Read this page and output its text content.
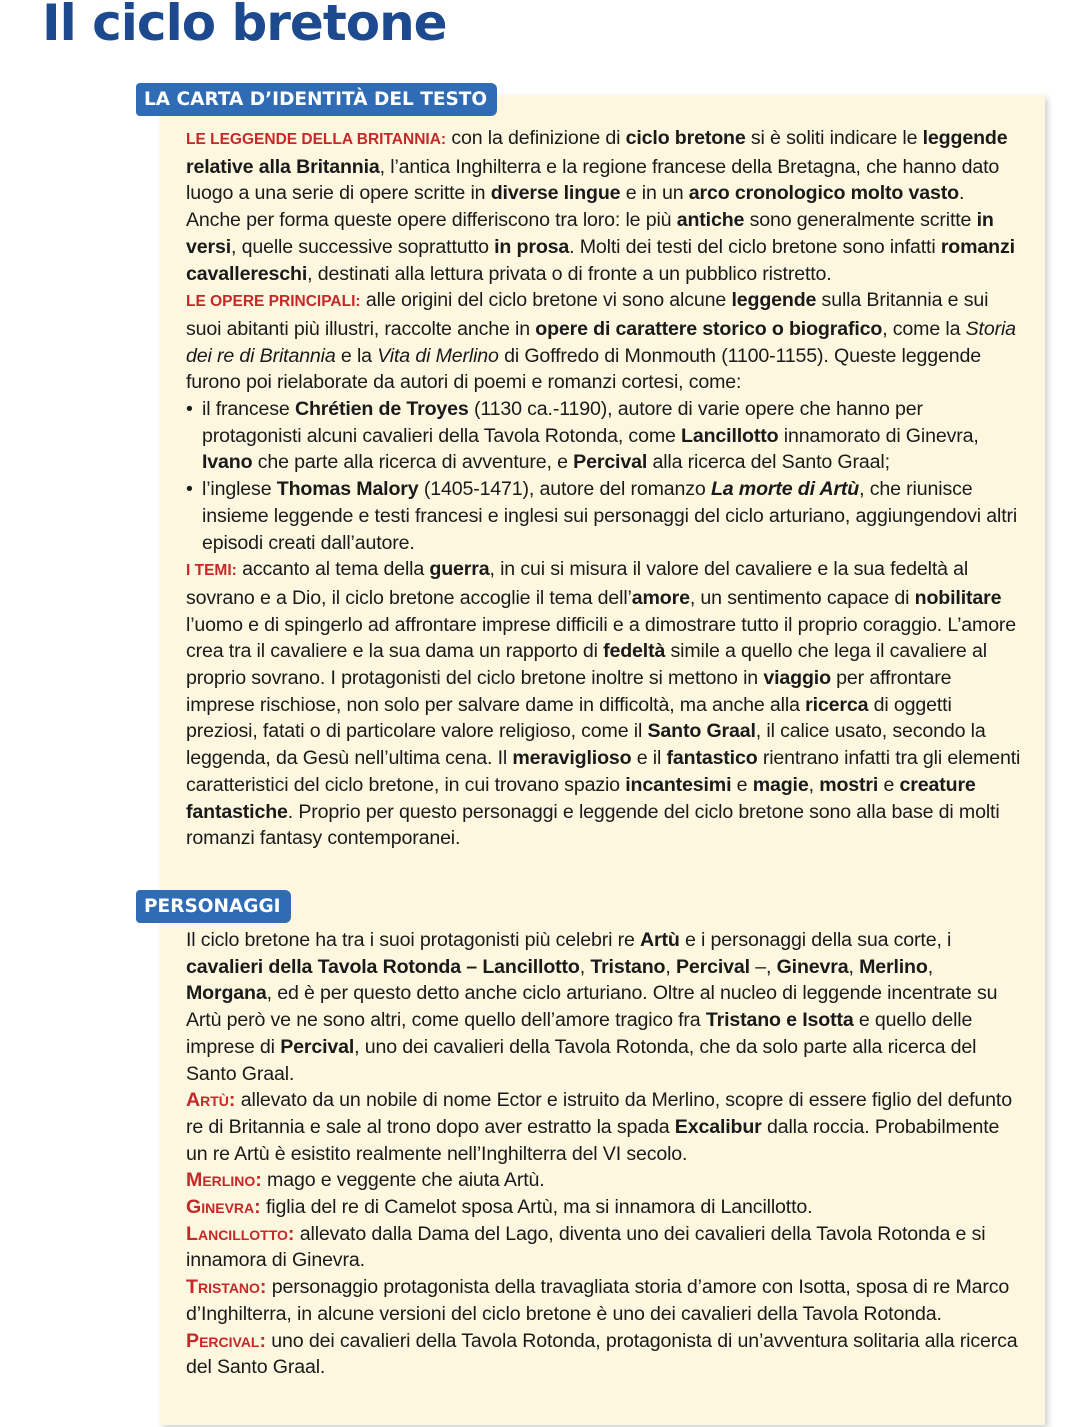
Il ciclo bretone
LA CARTA D’IDENTITÀ DEL TESTO

LE LEGGENDE DELLA BRITANNIA: con la definizione di ciclo bretone si è soliti indicare le leggende relative alla Britannia, l’antica Inghilterra e la regione francese della Bretagna, che hanno dato luogo a una serie di opere scritte in diverse lingue e in un arco cronologico molto vasto. Anche per forma queste opere differiscono tra loro: le più antiche sono generalmente scritte in versi, quelle successive soprattutto in prosa. Molti dei testi del ciclo bretone sono infatti romanzi cavallereschi, destinati alla lettura privata o di fronte a un pubblico ristretto.

LE OPERE PRINCIPALI: alle origini del ciclo bretone vi sono alcune leggende sulla Britannia e sui suoi abitanti più illustri, raccolte anche in opere di carattere storico o biografico, come la Storia dei re di Britannia e la Vita di Merlino di Goffredo di Monmouth (1100-1155). Queste leggende furono poi rielaborate da autori di poemi e romanzi cortesi, come:

• il francese Chrétien de Troyes (1130 ca.-1190), autore di varie opere che hanno per protagonisti alcuni cavalieri della Tavola Rotonda, come Lancillotto innamorato di Ginevra, Ivano che parte alla ricerca di avventure, e Percival alla ricerca del Santo Graal;
• l’inglese Thomas Malory (1405-1471), autore del romanzo La morte di Artù, che riunisce insieme leggende e testi francesi e inglesi sui personaggi del ciclo arturiano, aggiungendovi altri episodi creati dall’autore.

I TEMI: accanto al tema della guerra, in cui si misura il valore del cavaliere e la sua fedeltà al sovrano e a Dio, il ciclo bretone accoglie il tema dell’amore, un sentimento capace di nobilitare l’uomo e di spingerlo ad affrontare imprese difficili e a dimostrare tutto il proprio coraggio. L’amore crea tra il cavaliere e la sua dama un rapporto di fedeltà simile a quello che lega il cavaliere al proprio sovrano. I protagonisti del ciclo bretone inoltre si mettono in viaggio per affrontare imprese rischiose, non solo per salvare dame in difficoltà, ma anche alla ricerca di oggetti preziosi, fatati o di particolare valore religioso, come il Santo Graal, il calice usato, secondo la leggenda, da Gesù nell’ultima cena. Il meraviglioso e il fantastico rientrano infatti tra gli elementi caratteristici del ciclo bretone, in cui trovano spazio incantesimi e magie, mostri e creature fantastiche. Proprio per questo personaggi e leggende del ciclo bretone sono alla base di molti romanzi fantasy contemporanei.

PERSONAGGI

Il ciclo bretone ha tra i suoi protagonisti più celebri re Artù e i personaggi della sua corte, i cavalieri della Tavola Rotonda – Lancillotto, Tristano, Percival –, Ginevra, Merlino, Morgana, ed è per questo detto anche ciclo arturiano. Oltre al nucleo di leggende incentrate su Artù però ve ne sono altri, come quello dell’amore tragico fra Tristano e Isotta e quello delle imprese di Percival, uno dei cavalieri della Tavola Rotonda, che da solo parte alla ricerca del Santo Graal.

Artù: allevato da un nobile di nome Ector e istruito da Merlino, scopre di essere figlio del defunto re di Britannia e sale al trono dopo aver estratto la spada Excalibur dalla roccia. Probabilmente un re Artù è esistito realmente nell’Inghilterra del VI secolo.

Merlino: mago e veggente che aiuta Artù.

Ginevra: figlia del re di Camelot sposa Artù, ma si innamora di Lancillotto.

Lancillotto: allevato dalla Dama del Lago, diventa uno dei cavalieri della Tavola Rotonda e si innamora di Ginevra.

Tristano: personaggio protagonista della travagliata storia d’amore con Isotta, sposa di re Marco d’Inghilterra, in alcune versioni del ciclo bretone è uno dei cavalieri della Tavola Rotonda.

Percival: uno dei cavalieri della Tavola Rotonda, protagonista di un’avventura solitaria alla ricerca del Santo Graal.
